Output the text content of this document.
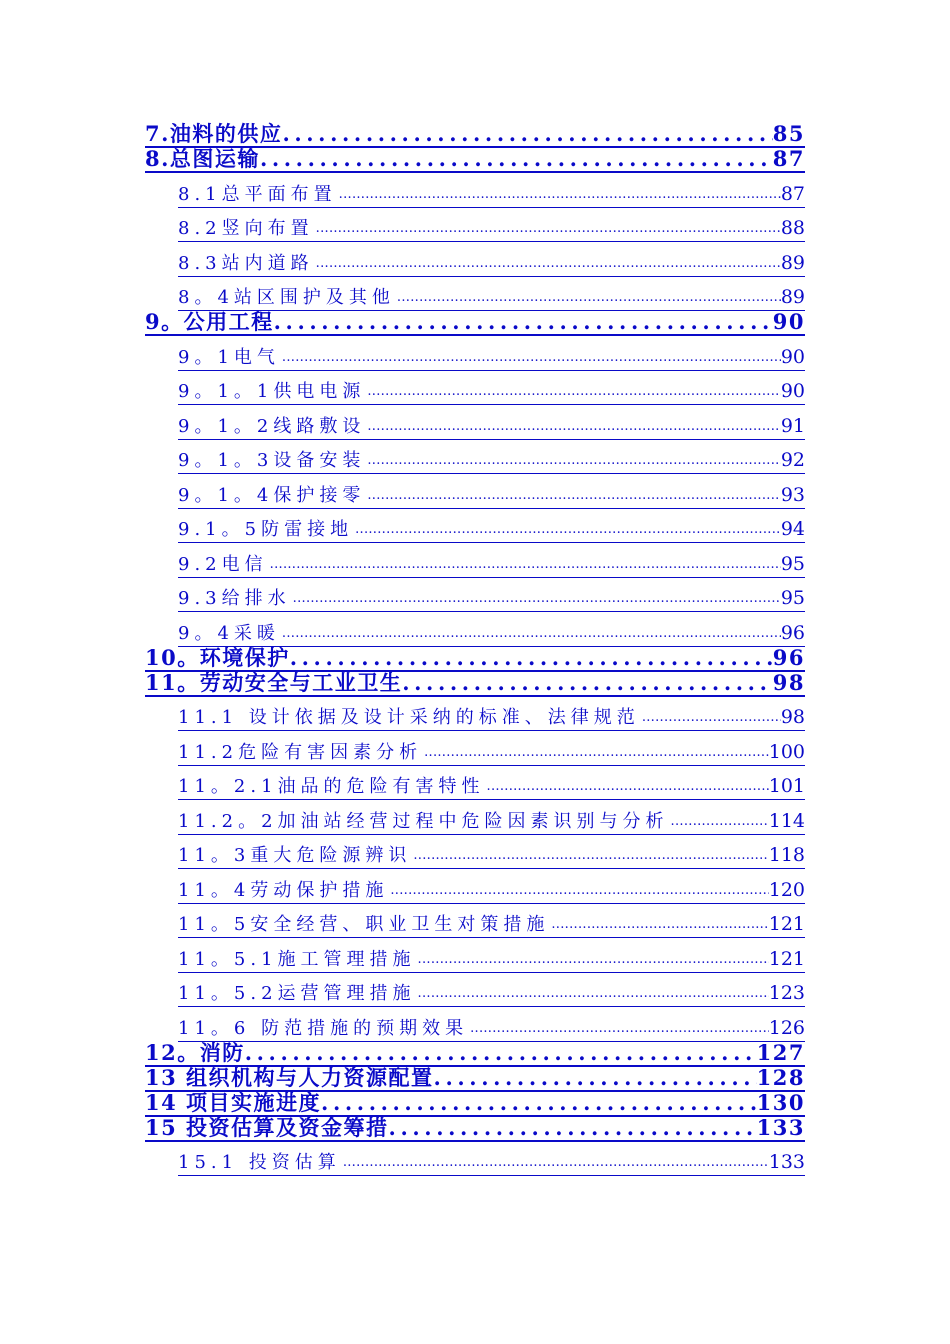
7.油料的供应 .....	85
8.总图运输 .....	87
8.1总平面布置 .....	87
8.2竖向布置 .....	88
8.3站内道路 .....	89
8。4站区围护及其他 .....	89
9。公用工程 .....	90
9。1电气 .....	90
9。1。1供电电源 .....	90
9。1。2线路敷设 .....	91
9。1。3设备安装 .....	92
9。1。4保护接零 .....	93
9.1。5防雷接地 .....	94
9.2电信 .....	95
9.3给排水 .....	95
9。4采暖 .....	96
10。环境保护 .....	96
11。劳动安全与工业卫生 .....	98
11.1 设计依据及设计采纳的标准、法律规范 .....	98
11.2危险有害因素分析 .....	100
11。2.1油品的危险有害特性 .....	101
11.2。2加油站经营过程中危险因素识别与分析 .....	114
11。3重大危险源辨识 .....	118
11。4劳动保护措施 .....	120
11。5安全经营、职业卫生对策措施 .....	121
11。5.1施工管理措施 .....	121
11。5.2运营管理措施 .....	123
11。6 防范措施的预期效果 .....	126
12。消防 .....	127
13 组织机构与人力资源配置 .....	128
14 项目实施进度 .....	130
15 投资估算及资金筹措 .....	133
15.1 投资估算 .....	133
